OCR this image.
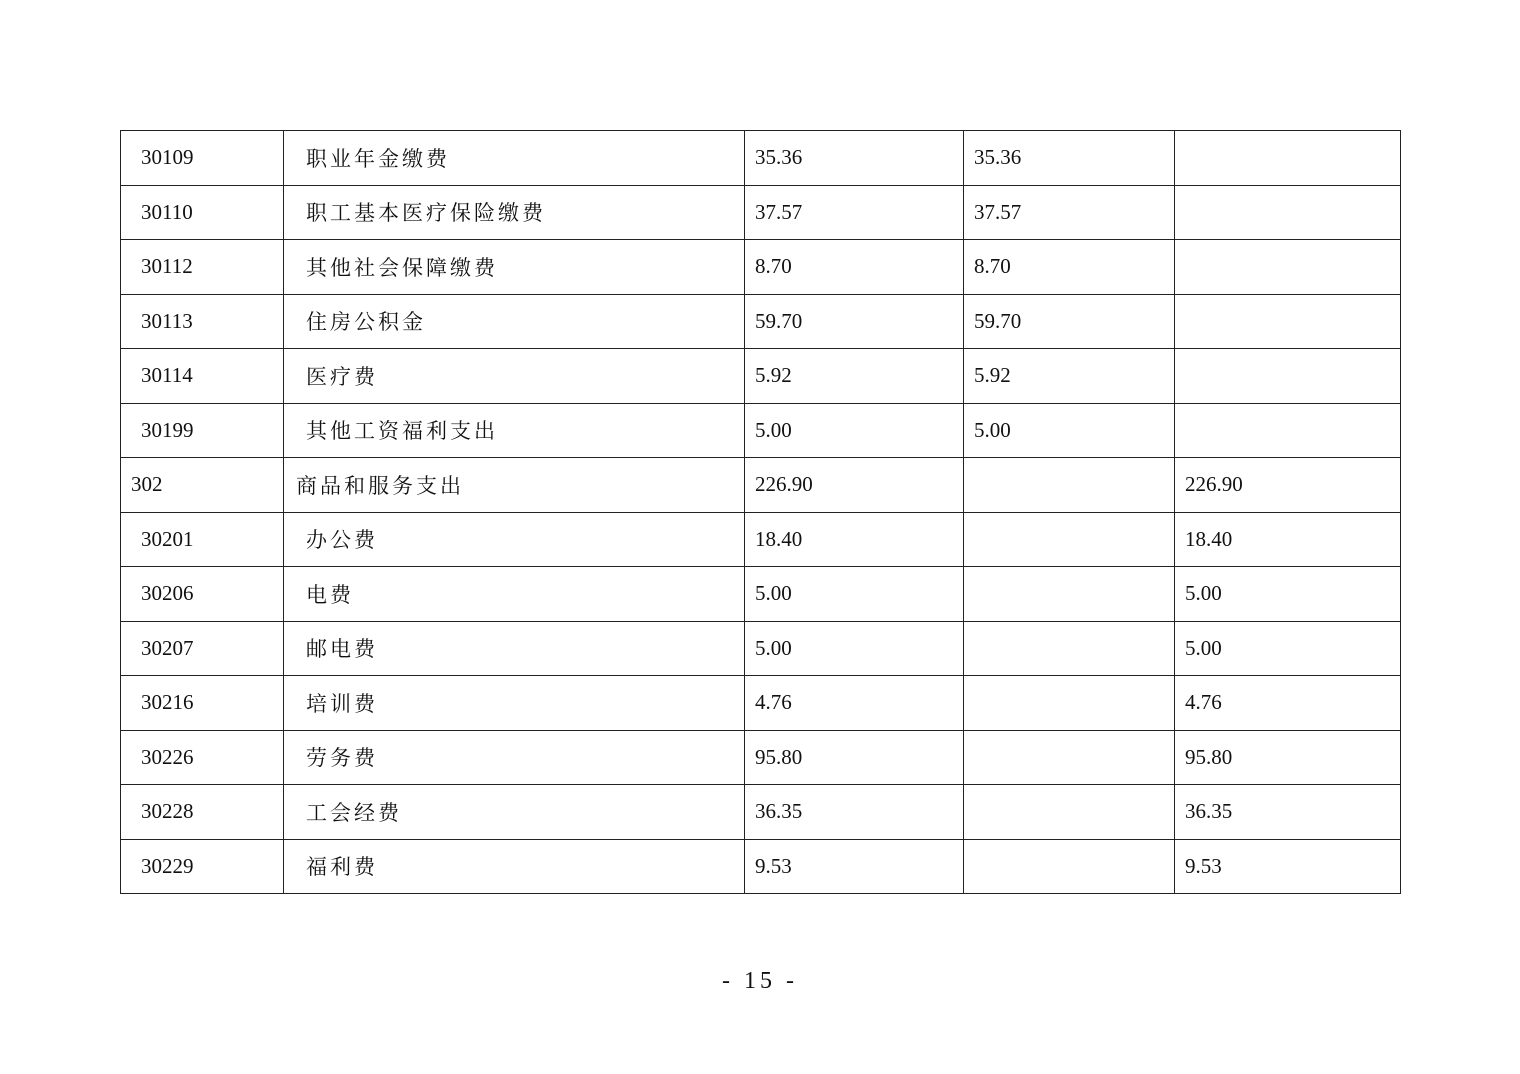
30109	职业年金缴费	35.36	35.36	
30110	职工基本医疗保险缴费	37.57	37.57	
30112	其他社会保障缴费	8.70	8.70	
30113	住房公积金	59.70	59.70	
30114	医疗费	5.92	5.92	
30199	其他工资福利支出	5.00	5.00	
302	商品和服务支出	226.90		226.90
30201	办公费	18.40		18.40
30206	电费	5.00		5.00
30207	邮电费	5.00		5.00
30216	培训费	4.76		4.76
30226	劳务费	95.80		95.80
30228	工会经费	36.35		36.35
30229	福利费	9.53		9.53
- 15 -
